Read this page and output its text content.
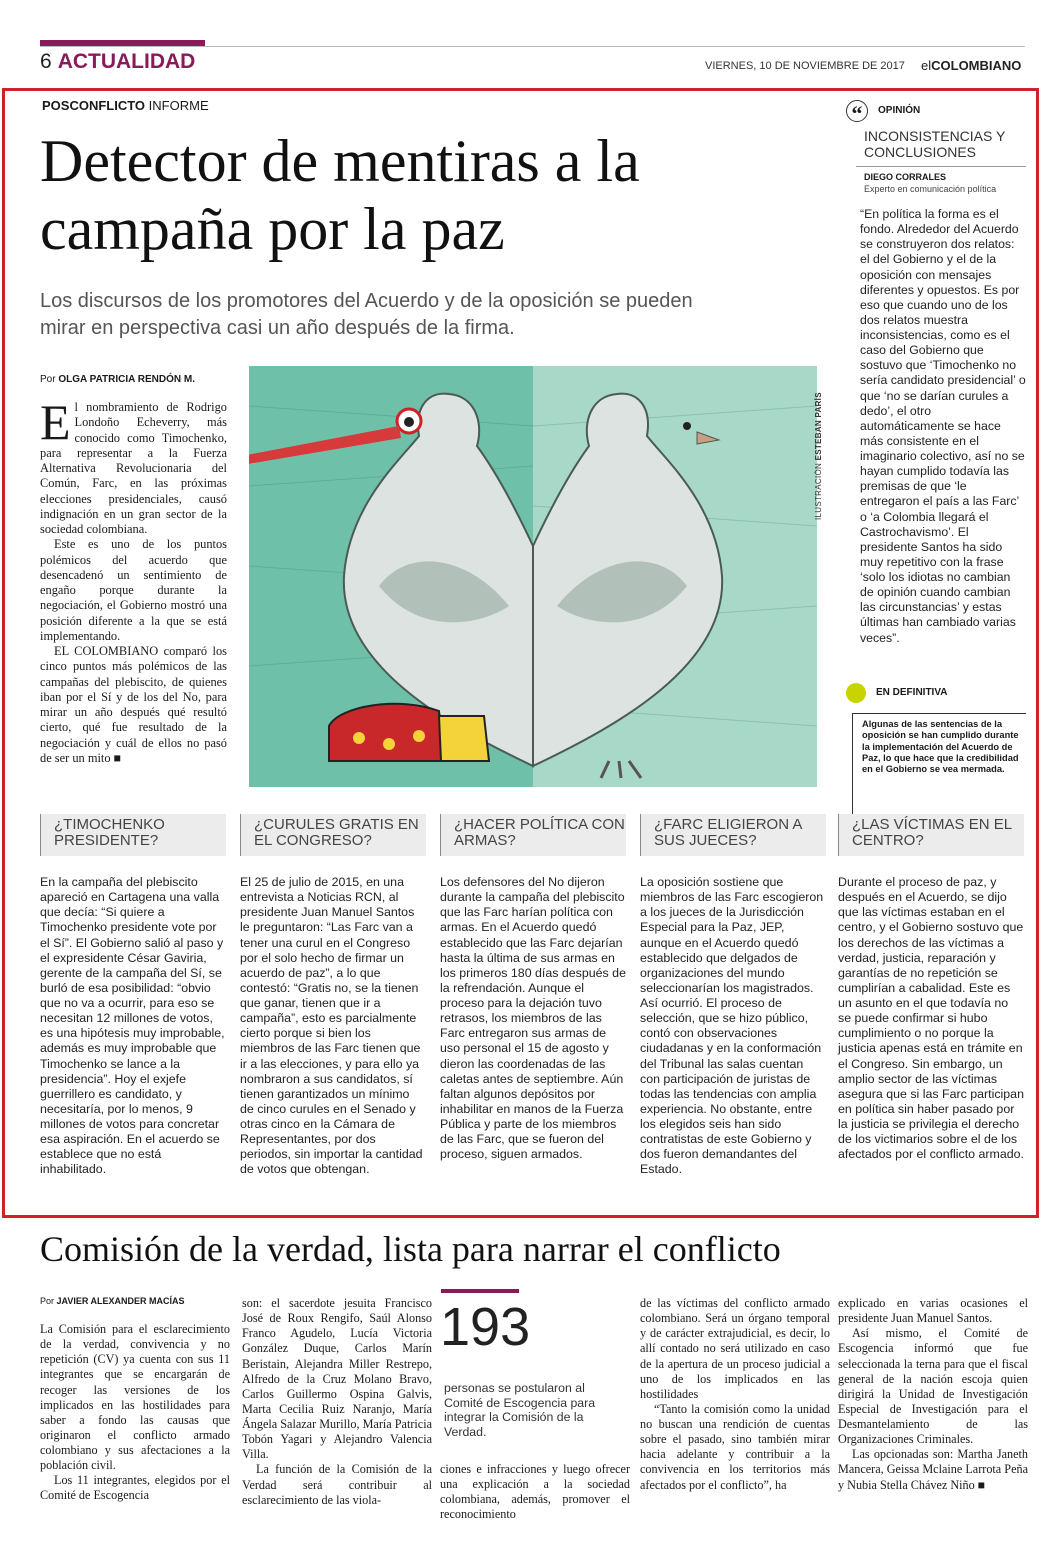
6 ACTUALIDAD	VIERNES, 10 DE NOVIEMBRE DE 2017 elCOLOMBIANO
POSCONFLICTO INFORME
Detector de mentiras a la campaña por la paz
Los discursos de los promotores del Acuerdo y de la oposición se pueden mirar en perspectiva casi un año después de la firma.
Por OLGA PATRICIA RENDÓN M.

El nombramiento de Rodrigo Londoño Echeverry, más conocido como Timochenko, para representar a la Fuerza Alternativa Revolucionaria del Común, Farc, en las próximas elecciones presidenciales, causó indignación en un gran sector de la sociedad colombiana.

Este es uno de los puntos polémicos del acuerdo que desencadenó un sentimiento de engaño porque durante la negociación, el Gobierno mostró una posición diferente a la que se está implementando.

EL COLOMBIANO comparó los cinco puntos más polémicos de las campañas del plebiscito, de quienes iban por el Sí y de los del No, para mirar un año después qué resultó cierto, qué fue resultado de la negociación y cuál de ellos no pasó de ser un mito ■

ILUSTRACIÓN ESTEBAN PARÍS
“ OPINIÓN
INCONSISTENCIAS Y CONCLUSIONES
DIEGO CORRALES
Experto en comunicación política
“En política la forma es el fondo. Alrededor del Acuerdo se construyeron dos relatos: el del Gobierno y el de la oposición con mensajes diferentes y opuestos. Es por eso que cuando uno de los dos relatos muestra inconsistencias, como es el caso del Gobierno que sostuvo que ‘Timochenko no sería candidato presidencial’ o que ‘no se darían curules a dedo’, el otro automáticamente se hace más consistente en el imaginario colectivo, así no se hayan cumplido todavía las premisas de que ‘le entregaron el país a las Farc’ o ‘a Colombia llegará el Castrochavismo’. El presidente Santos ha sido muy repetitivo con la frase ‘solo los idiotas no cambian de opinión cuando cambian las circunstancias’ y estas últimas han cambiado varias veces”.
EN DEFINITIVA
Algunas de las sentencias de la oposición se han cumplido durante la implementación del Acuerdo de Paz, lo que hace que la credibilidad en el Gobierno se vea mermada.
¿TIMOCHENKO PRESIDENTE?
¿CURULES GRATIS EN EL CONGRESO?
¿HACER POLÍTICA CON ARMAS?
¿FARC ELIGIERON A SUS JUECES?
¿LAS VÍCTIMAS EN EL CENTRO?
En la campaña del plebiscito apareció en Cartagena una valla que decía: “Si quiere a Timochenko presidente vote por el Sí”. El Gobierno salió al paso y el expresidente César Gaviria, gerente de la campaña del Sí, se burló de esa posibilidad: “obvio que no va a ocurrir, para eso se necesitan 12 millones de votos, es una hipótesis muy improbable, además es muy improbable que Timochenko se lance a la presidencia”. Hoy el exjefe guerrillero es candidato, y necesitaría, por lo menos, 9 millones de votos para concretar esa aspiración. En el acuerdo se establece que no está inhabilitado.
El 25 de julio de 2015, en una entrevista a Noticias RCN, al presidente Juan Manuel Santos le preguntaron: “Las Farc van a tener una curul en el Congreso por el solo hecho de firmar un acuerdo de paz”, a lo que contestó: “Gratis no, se la tienen que ganar, tienen que ir a campaña”, esto es parcialmente cierto porque si bien los miembros de las Farc tienen que ir a las elecciones, y para ello ya nombraron a sus candidatos, sí tienen garantizados un mínimo de cinco curules en el Senado y otras cinco en la Cámara de Representantes, por dos periodos, sin importar la cantidad de votos que obtengan.
Los defensores del No dijeron durante la campaña del plebiscito que las Farc harían política con armas. En el Acuerdo quedó establecido que las Farc dejarían hasta la última de sus armas en los primeros 180 días después de la refrendación. Aunque el proceso para la dejación tuvo retrasos, los miembros de las Farc entregaron sus armas de uso personal el 15 de agosto y dieron las coordenadas de las caletas antes de septiembre. Aún faltan algunos depósitos por inhabilitar en manos de la Fuerza Pública y parte de los miembros de las Farc, que se fueron del proceso, siguen armados.
La oposición sostiene que miembros de las Farc escogieron a los jueces de la Jurisdicción Especial para la Paz, JEP, aunque en el Acuerdo quedó establecido que delgados de organizaciones del mundo seleccionarían los magistrados. Así ocurrió. El proceso de selección, que se hizo público, contó con observaciones ciudadanas y en la conformación del Tribunal las salas cuentan con participación de juristas de todas las tendencias con amplia experiencia. No obstante, entre los elegidos seis han sido contratistas de este Gobierno y dos fueron demandantes del Estado.
Durante el proceso de paz, y después en el Acuerdo, se dijo que las víctimas estaban en el centro, y el Gobierno sostuvo que los derechos de las víctimas a verdad, justicia, reparación y garantías de no repetición se cumplirían a cabalidad. Este es un asunto en el que todavía no se puede confirmar si hubo cumplimiento o no porque la justicia apenas está en trámite en el Congreso. Sin embargo, un amplio sector de las víctimas asegura que si las Farc participan en política sin haber pasado por la justicia se privilegia el derecho de los victimarios sobre el de los afectados por el conflicto armado.
Comisión de la verdad, lista para narrar el conflicto
Por JAVIER ALEXANDER MACÍAS

La Comisión para el esclarecimiento de la verdad, convivencia y no repetición (CV) ya cuenta con sus 11 integrantes que se encargarán de recoger las versiones de los implicados en las hostilidades para saber a fondo las causas que originaron el conflicto armado colombiano y sus afectaciones a la población civil.

Los 11 integrantes, elegidos por el Comité de Escogencia

son: el sacerdote jesuita Francisco José de Roux Rengifo, Saúl Alonso Franco Agudelo, Lucía Victoria González Duque, Carlos Marín Beristain, Alejandra Miller Restrepo, Alfredo de la Cruz Molano Bravo, Carlos Guillermo Ospina Galvis, Marta Cecilia Ruiz Naranjo, María Ángela Salazar Murillo, María Patricia Tobón Yagari y Alejandro Valencia Villa.

La función de la Comisión de la Verdad será contribuir al esclarecimiento de las viola-

193
personas se postularon al Comité de Escogencia para integrar la Comisión de la Verdad.

ciones e infracciones y luego ofrecer una explicación a la sociedad colombiana, además, promover el reconocimiento

de las víctimas del conflicto armado colombiano. Será un órgano temporal y de carácter extrajudicial, es decir, lo allí contado no será utilizado en caso de la apertura de un proceso judicial a uno de los implicados en las hostilidades

“Tanto la comisión como la unidad no buscan una rendición de cuentas sobre el pasado, sino también mirar hacia adelante y contribuir a la convivencia en los territorios más afectados por el conflicto”, ha

explicado en varias ocasiones el presidente Juan Manuel Santos.

Así mismo, el Comité de Escogencia informó que fue seleccionada la terna para que el fiscal general de la nación escoja quien dirigirá la Unidad de Investigación Especial de Investigación para el Desmantelamiento de las Organizaciones Criminales.

Las opcionadas son: Martha Janeth Mancera, Geissa Mclaine Larrota Peña y Nubia Stella Chávez Niño ■
